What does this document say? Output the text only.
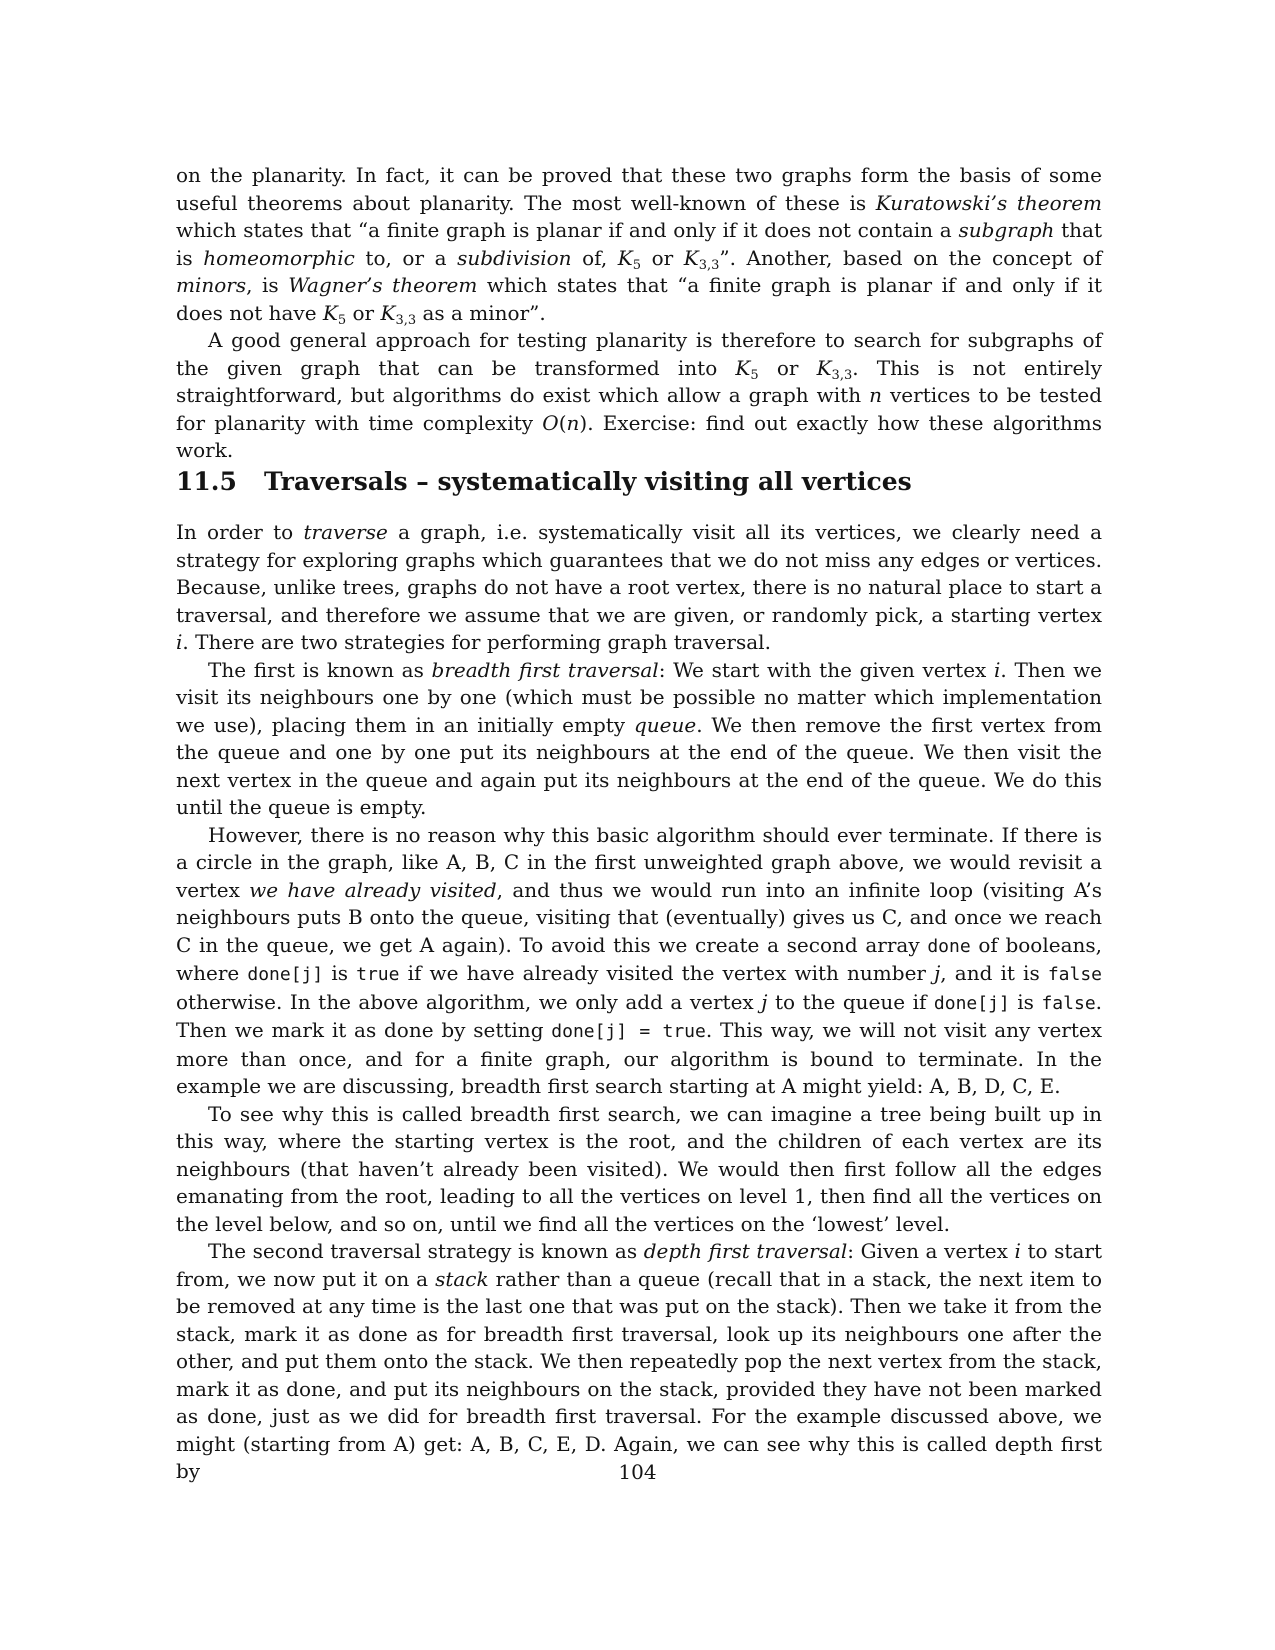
on the planarity. In fact, it can be proved that these two graphs form the basis of some useful theorems about planarity. The most well-known of these is Kuratowski’s theorem which states that “a finite graph is planar if and only if it does not contain a subgraph that is homeomorphic to, or a subdivision of, $K_5$ or $K_{3,3}$”. Another, based on the concept of minors, is Wagner’s theorem which states that “a finite graph is planar if and only if it does not have $K_5$ or $K_{3,3}$ as a minor”.

A good general approach for testing planarity is therefore to search for subgraphs of the given graph that can be transformed into $K_5$ or $K_{3,3}$. This is not entirely straightforward, but algorithms do exist which allow a graph with n vertices to be tested for planarity with time complexity O(n). Exercise: find out exactly how these algorithms work.

11.5 Traversals – systematically visiting all vertices

In order to traverse a graph, i.e. systematically visit all its vertices, we clearly need a strategy for exploring graphs which guarantees that we do not miss any edges or vertices. Because, unlike trees, graphs do not have a root vertex, there is no natural place to start a traversal, and therefore we assume that we are given, or randomly pick, a starting vertex i. There are two strategies for performing graph traversal.

The first is known as breadth first traversal: We start with the given vertex i. Then we visit its neighbours one by one (which must be possible no matter which implementation we use), placing them in an initially empty queue. We then remove the first vertex from the queue and one by one put its neighbours at the end of the queue. We then visit the next vertex in the queue and again put its neighbours at the end of the queue. We do this until the queue is empty.

However, there is no reason why this basic algorithm should ever terminate. If there is a circle in the graph, like A, B, C in the first unweighted graph above, we would revisit a vertex we have already visited, and thus we would run into an infinite loop (visiting A’s neighbours puts B onto the queue, visiting that (eventually) gives us C, and once we reach C in the queue, we get A again). To avoid this we create a second array done of booleans, where done[j] is true if we have already visited the vertex with number j, and it is false otherwise. In the above algorithm, we only add a vertex j to the queue if done[j] is false. Then we mark it as done by setting done[j] = true. This way, we will not visit any vertex more than once, and for a finite graph, our algorithm is bound to terminate. In the example we are discussing, breadth first search starting at A might yield: A, B, D, C, E.

To see why this is called breadth first search, we can imagine a tree being built up in this way, where the starting vertex is the root, and the children of each vertex are its neighbours (that haven’t already been visited). We would then first follow all the edges emanating from the root, leading to all the vertices on level 1, then find all the vertices on the level below, and so on, until we find all the vertices on the ‘lowest’ level.

The second traversal strategy is known as depth first traversal: Given a vertex i to start from, we now put it on a stack rather than a queue (recall that in a stack, the next item to be removed at any time is the last one that was put on the stack). Then we take it from the stack, mark it as done as for breadth first traversal, look up its neighbours one after the other, and put them onto the stack. We then repeatedly pop the next vertex from the stack, mark it as done, and put its neighbours on the stack, provided they have not been marked as done, just as we did for breadth first traversal. For the example discussed above, we might (starting from A) get: A, B, C, E, D. Again, we can see why this is called depth first by	104
